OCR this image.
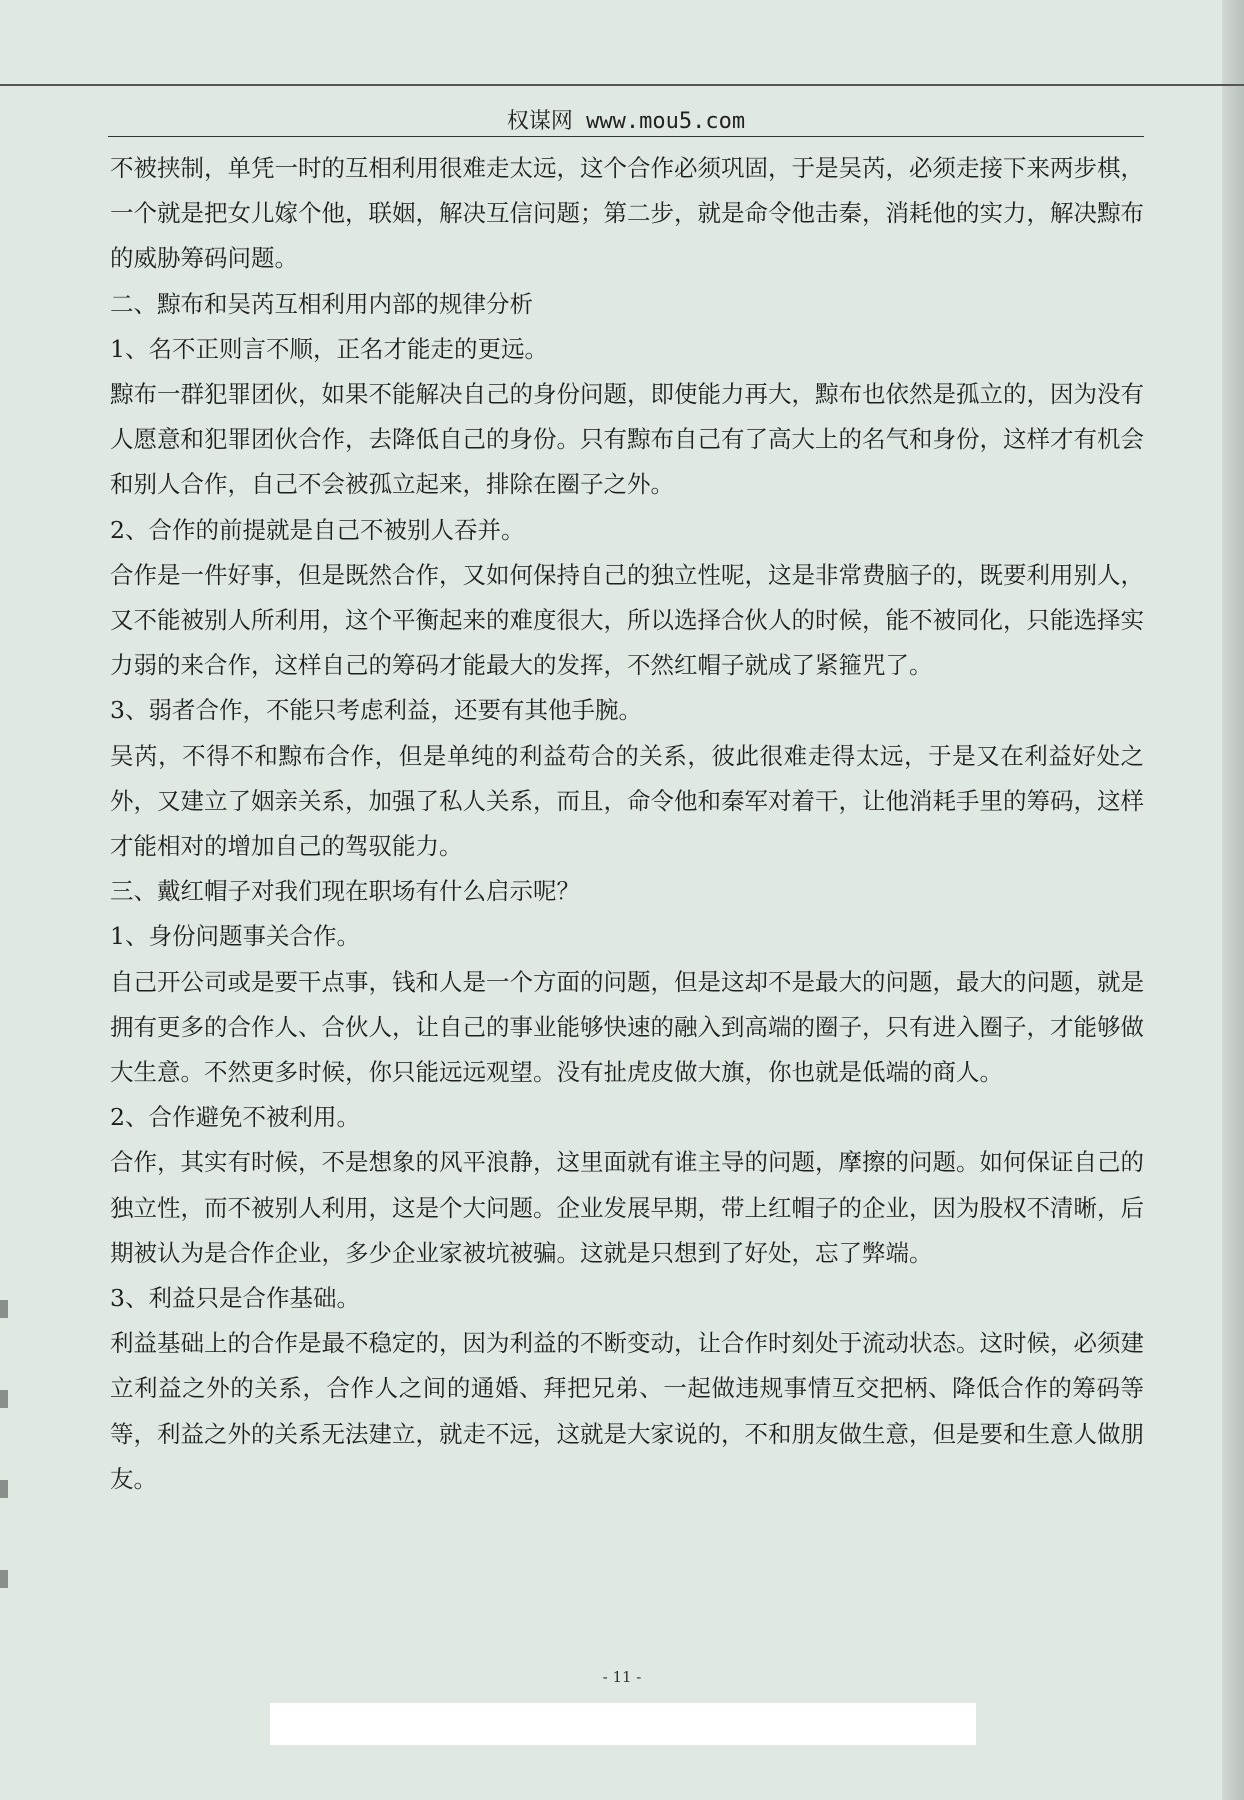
权谋网 www.mou5.com

不被挟制，单凭一时的互相利用很难走太远，这个合作必须巩固，于是吴芮，必须走接下来两步棋，一个就是把女儿嫁个他，联姻，解决互信问题；第二步，就是命令他击秦，消耗他的实力，解决黥布的威胁筹码问题。

二、黥布和吴芮互相利用内部的规律分析

1、名不正则言不顺，正名才能走的更远。

黥布一群犯罪团伙，如果不能解决自己的身份问题，即使能力再大，黥布也依然是孤立的，因为没有人愿意和犯罪团伙合作，去降低自己的身份。只有黥布自己有了高大上的名气和身份，这样才有机会和别人合作，自己不会被孤立起来，排除在圈子之外。

2、合作的前提就是自己不被别人吞并。

合作是一件好事，但是既然合作，又如何保持自己的独立性呢，这是非常费脑子的，既要利用别人，又不能被别人所利用，这个平衡起来的难度很大，所以选择合伙人的时候，能不被同化，只能选择实力弱的来合作，这样自己的筹码才能最大的发挥，不然红帽子就成了紧箍咒了。

3、弱者合作，不能只考虑利益，还要有其他手腕。

吴芮，不得不和黥布合作，但是单纯的利益苟合的关系，彼此很难走得太远，于是又在利益好处之外，又建立了姻亲关系，加强了私人关系，而且，命令他和秦军对着干，让他消耗手里的筹码，这样才能相对的增加自己的驾驭能力。

三、戴红帽子对我们现在职场有什么启示呢？

1、身份问题事关合作。

自己开公司或是要干点事，钱和人是一个方面的问题，但是这却不是最大的问题，最大的问题，就是拥有更多的合作人、合伙人，让自己的事业能够快速的融入到高端的圈子，只有进入圈子，才能够做大生意。不然更多时候，你只能远远观望。没有扯虎皮做大旗，你也就是低端的商人。

2、合作避免不被利用。

合作，其实有时候，不是想象的风平浪静，这里面就有谁主导的问题，摩擦的问题。如何保证自己的独立性，而不被别人利用，这是个大问题。企业发展早期，带上红帽子的企业，因为股权不清晰，后期被认为是合作企业，多少企业家被坑被骗。这就是只想到了好处，忘了弊端。

3、利益只是合作基础。

利益基础上的合作是最不稳定的，因为利益的不断变动，让合作时刻处于流动状态。这时候，必须建立利益之外的关系，合作人之间的通婚、拜把兄弟、一起做违规事情互交把柄、降低合作的筹码等等，利益之外的关系无法建立，就走不远，这就是大家说的，不和朋友做生意，但是要和生意人做朋友。

- 11 -
